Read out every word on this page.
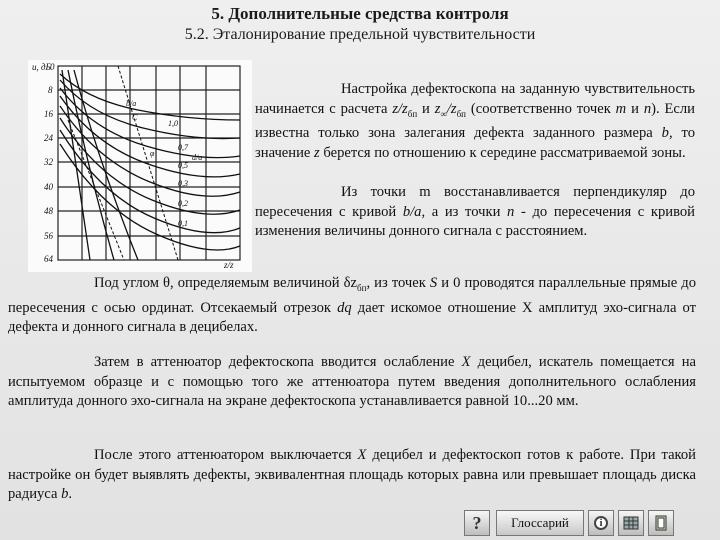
5. Дополнительные средства контроля
5.2. Эталонирование предельной чувствительности
u, дБ 0
8
16
24
32
40
48
56
64
z/z
b/a
С
1,0
0,7
0,5
0,3
0,2
0,1
φ	d/a

Настройка дефектоскопа на заданную чувствительность начинается с расчета $z/z_{бп}$ и $z_\infty/z_{бп}$ (соответственно точек m и n). Если известна только зона залегания дефекта заданного размера b, то значение z берется по отношению к середине рассматриваемой зоны.

Из точки m восстанавливается перпендикуляр до пересечения с кривой b/a, а из точки n - до пересечения с кривой изменения величины донного сигнала с расстоянием.

Под углом θ, определяемым величиной $\delta z_{бп}$, из точек S и 0 проводятся параллельные прямые до пересечения с осью ординат. Отсекаемый отрезок dq дает искомое отношение X амплитуд эхо-сигнала от дефекта и донного сигнала в децибелах.

Затем в аттенюатор дефектоскопа вводится ослабление X децибел, искатель помещается на испытуемом образце и с помощью того же аттенюатора путем введения дополнительного ослабления амплитуда донного эхо-сигнала на экране дефектоскопа устанавливается равной 10...20 мм.

После этого аттенюатором выключается X децибел и дефектоскоп готов к работе. При такой настройке он будет выявлять дефекты, эквивалентная площадь которых равна или превышает площадь диска радиуса b.

?	Глоссарий	i
